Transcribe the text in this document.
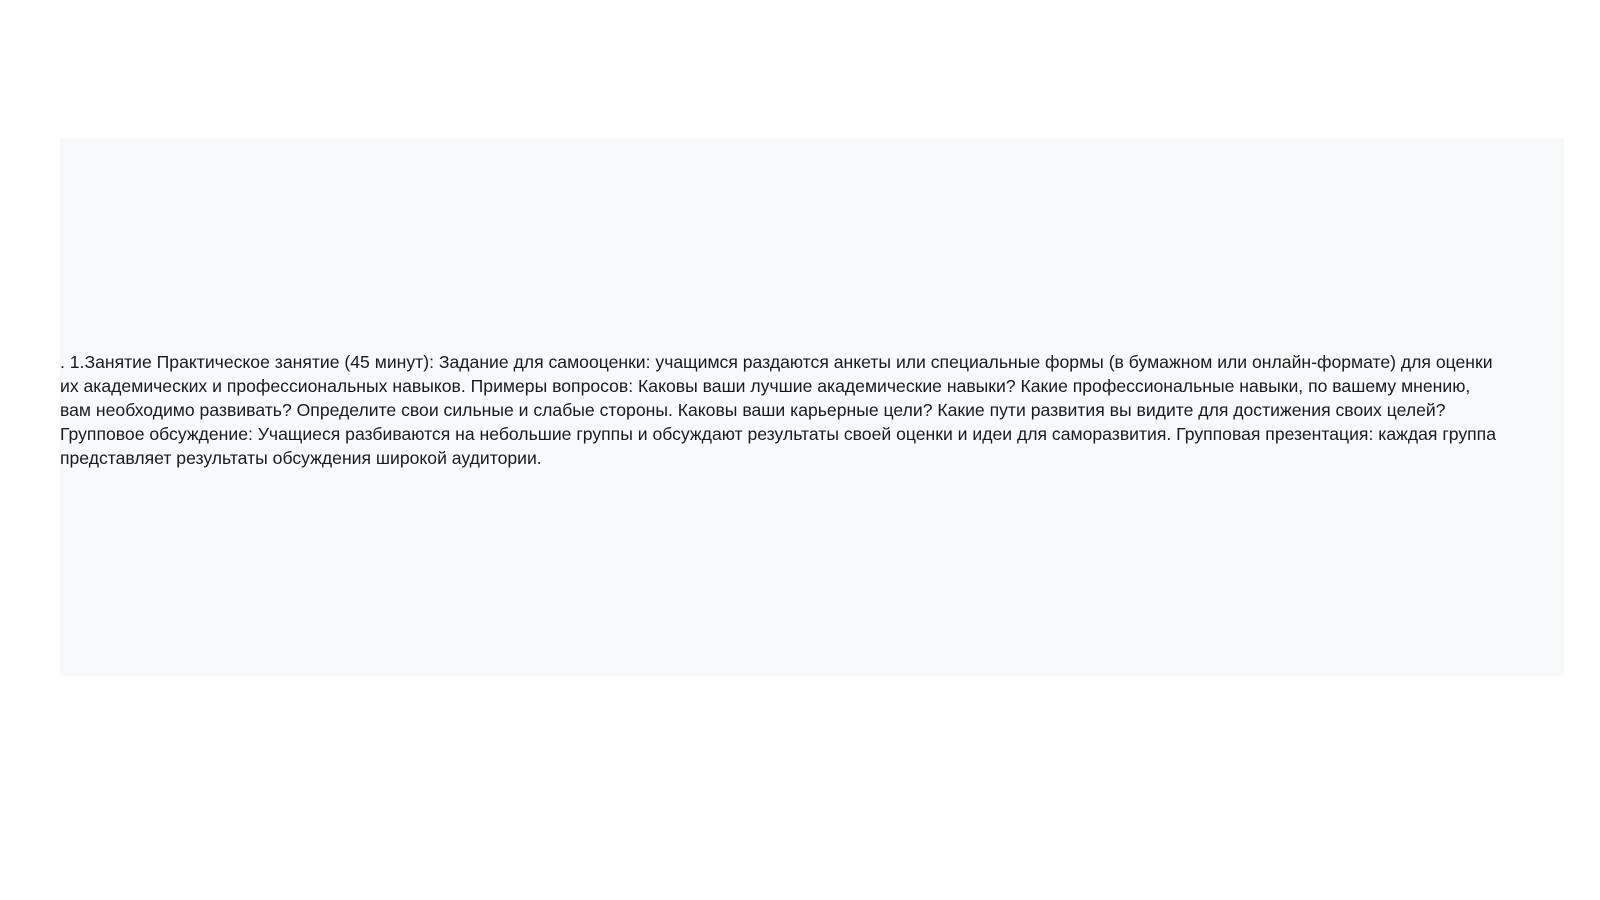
. 1.Занятие Практическое занятие (45 минут): Задание для самооценки: учащимся раздаются анкеты или специальные формы (в бумажном или онлайн-формате) для оценки
их академических и профессиональных навыков. Примеры вопросов: Каковы ваши лучшие академические навыки? Какие профессиональные навыки, по вашему мнению,
вам необходимо развивать? Определите свои сильные и слабые стороны. Каковы ваши карьерные цели? Какие пути развития вы видите для достижения своих целей?
Групповое обсуждение: Учащиеся разбиваются на небольшие группы и обсуждают результаты своей оценки и идеи для саморазвития. Групповая презентация: каждая группа
представляет результаты обсуждения широкой аудитории.
